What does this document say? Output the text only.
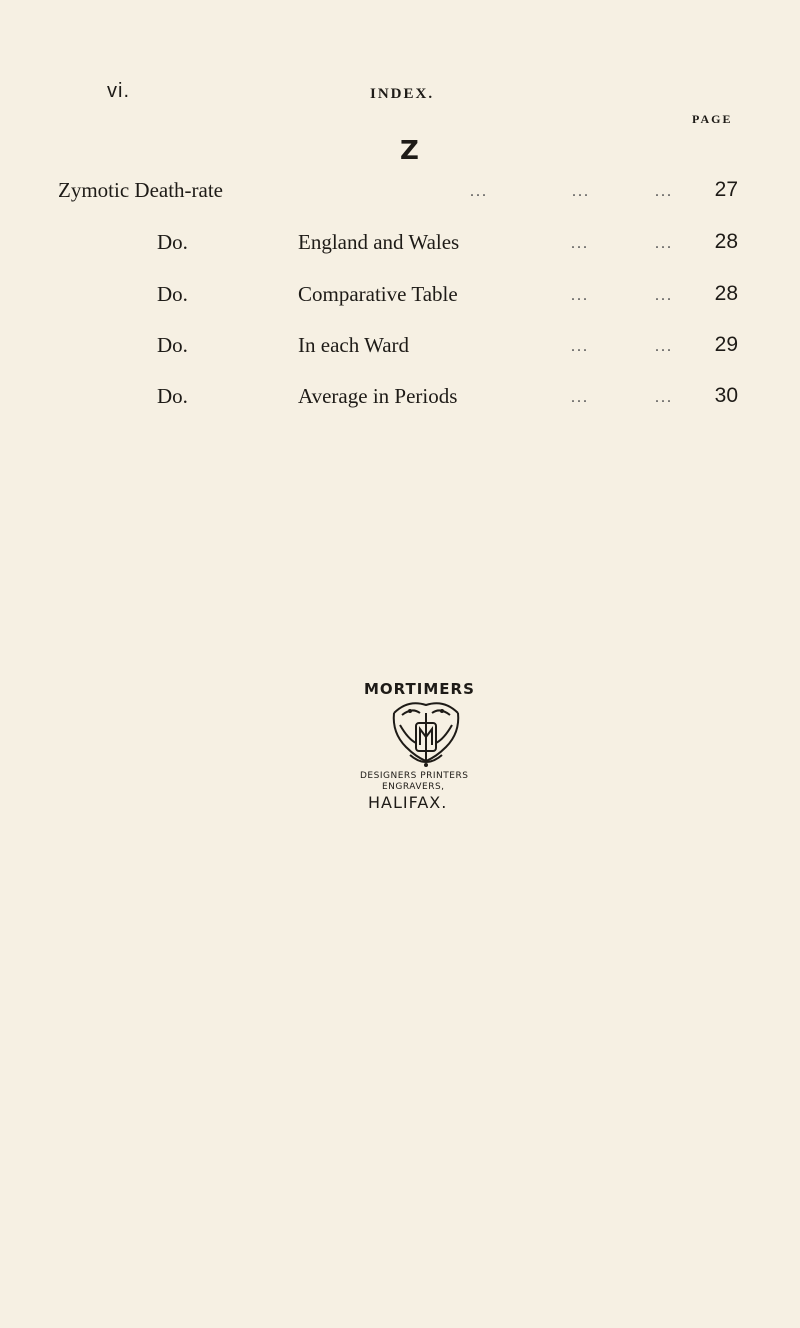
vi.	INDEX.
PAGE
Z
Zymotic Death-rate	...	...	... 27
Do.	England and Wales	...	... 28
Do.	Comparative Table	...	... 28
Do.	In each Ward	...	... 29
Do.	Average in Periods	...	... 30
MORTIMERS
DESIGNERS PRINTERS
ENGRAVERS,
HALIFAX.
